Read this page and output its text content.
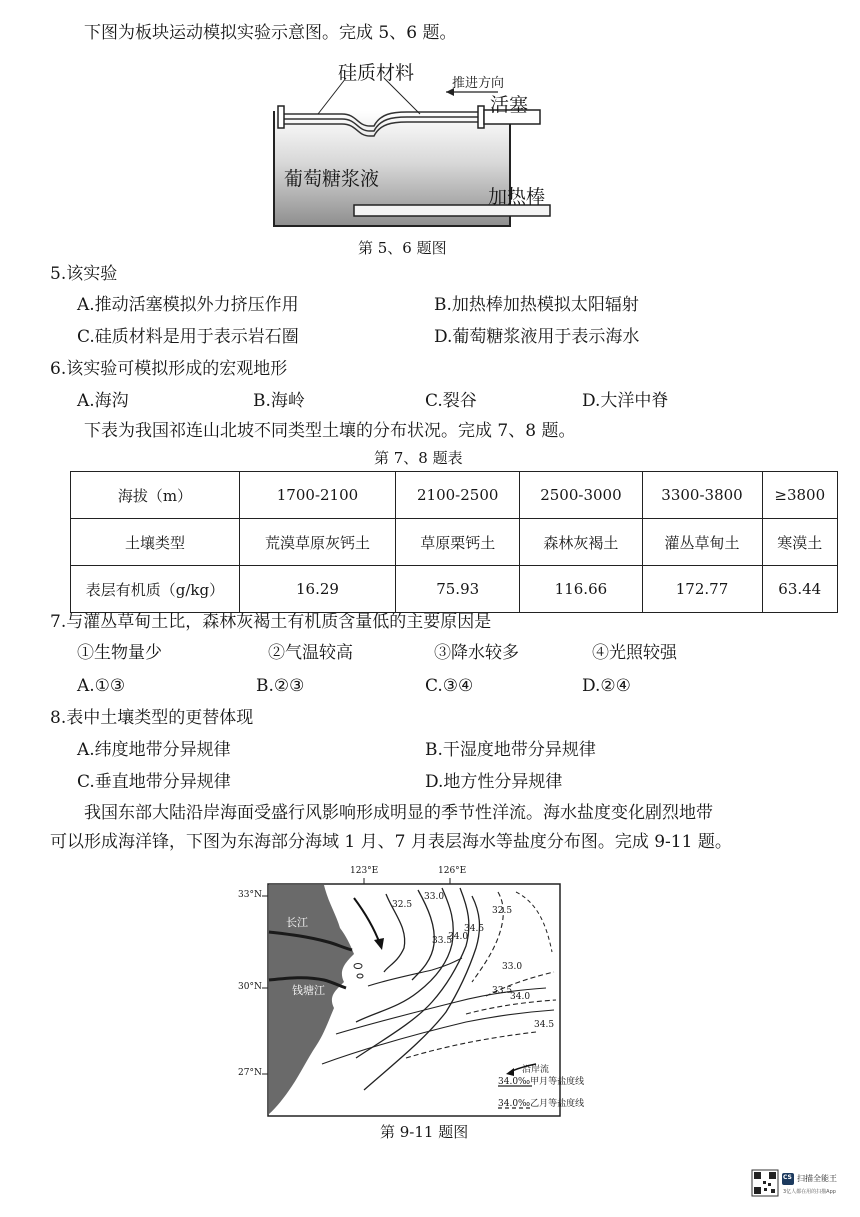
下图为板块运动模拟实验示意图。完成 5、6 题。
硅质材料	推进方向
活塞
葡萄糖浆液
加热棒
第 5、6 题图
5.该实验
A.推动活塞模拟外力挤压作用	B.加热棒加热模拟太阳辐射
C.硅质材料是用于表示岩石圈	D.葡萄糖浆液用于表示海水
6.该实验可模拟形成的宏观地形
A.海沟	B.海岭	C.裂谷	D.大洋中脊
下表为我国祁连山北坡不同类型土壤的分布状况。完成 7、8 题。
第 7、8 题表
海拔（m）	1700-2100	2100-2500	2500-3000	3300-3800	≥3800
土壤类型	荒漠草原灰钙土	草原栗钙土	森林灰褐土	灌丛草甸土	寒漠土
表层有机质（g/kg）	16.29	75.93	116.66	172.77	63.44
7.与灌丛草甸土比，森林灰褐土有机质含量低的主要原因是
①生物量少	②气温较高	③降水较多	④光照较强
A.①③	B.②③	C.③④	D.②④
8.表中土壤类型的更替体现
A.纬度地带分异规律	B.干湿度地带分异规律
C.垂直地带分异规律	D.地方性分异规律
我国东部大陆沿岸海面受盛行风影响形成明显的季节性洋流。海水盐度变化剧烈地带
可以形成海洋锋，下图为东海部分海域 1 月、7 月表层海水等盐度分布图。完成 9-11 题。
123°E	126°E
33°N
30°N
27°N
长江
钱塘江
32.5
33.0
33.5
34.0
34.5
32.5
33.0
33.5
34.0
34.5
沿岸流
34.0‰甲月等盐度线
34.0‰乙月等盐度线
第 9-11 题图
CS 扫描全能王
3亿人都在用的扫描App
